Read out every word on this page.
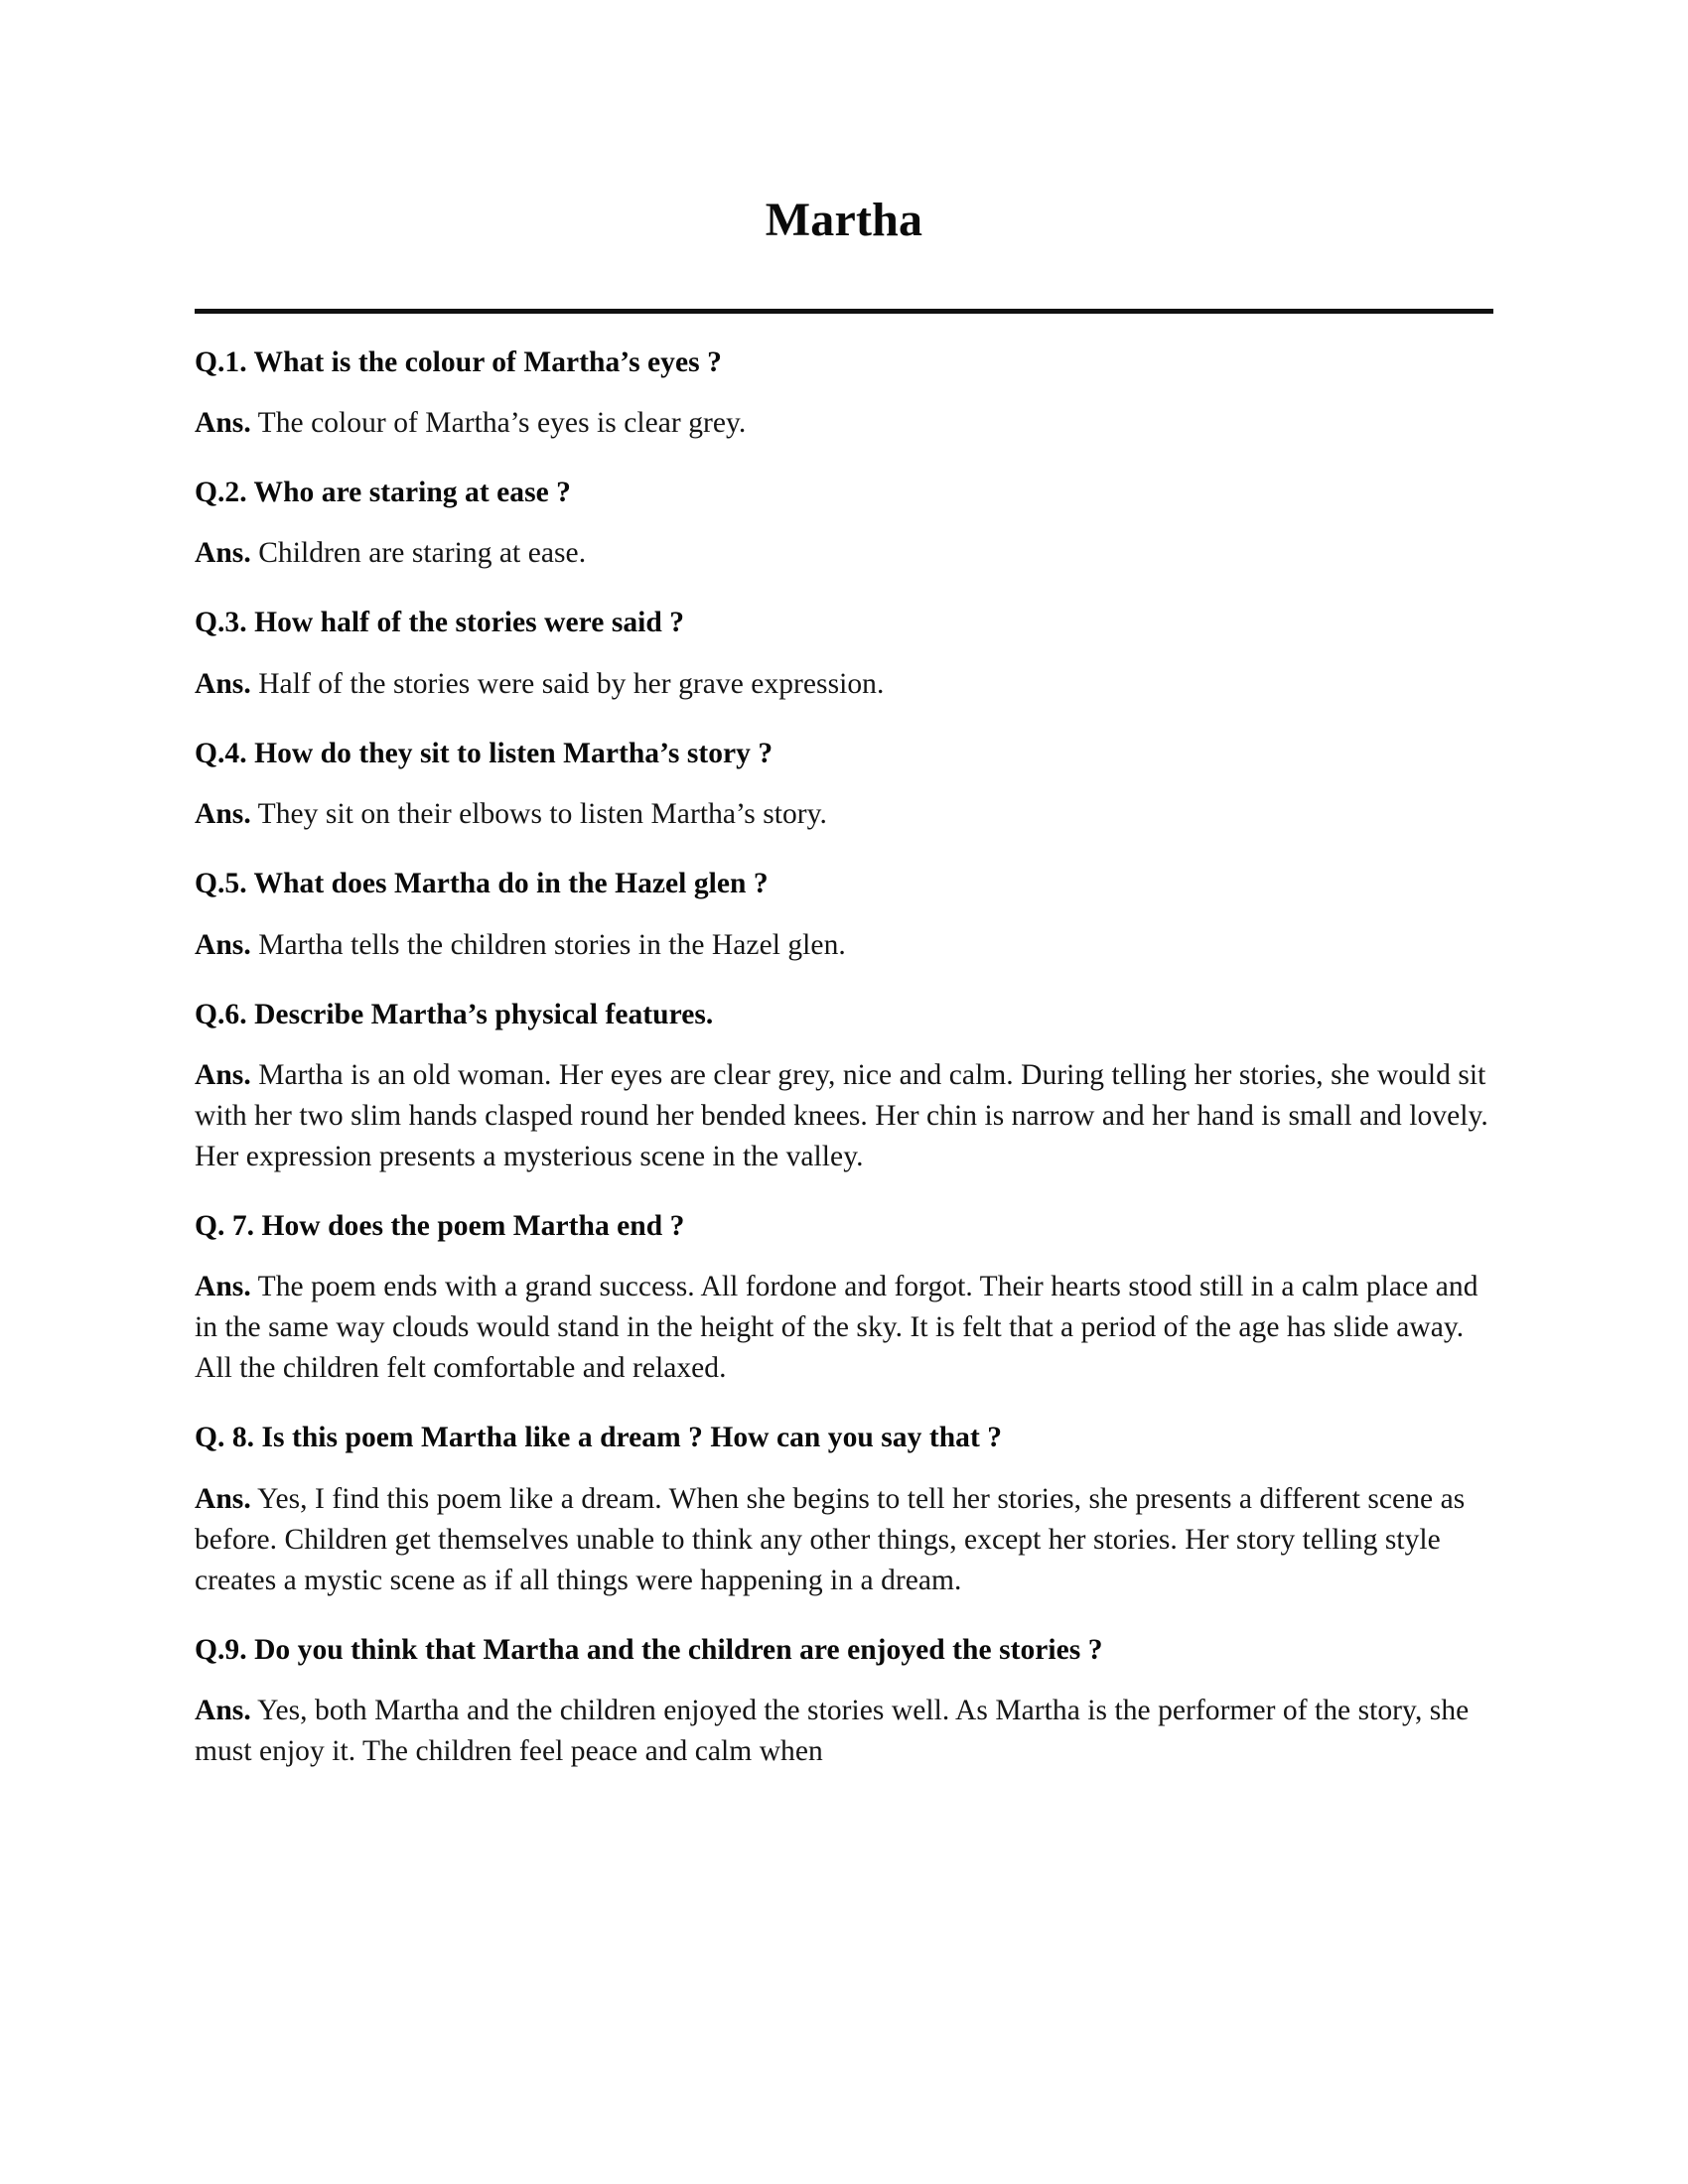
Martha

Q.1. What is the colour of Martha’s eyes ?

Ans. The colour of Martha’s eyes is clear grey.

Q.2. Who are staring at ease ?

Ans. Children are staring at ease.

Q.3. How half of the stories were said ?

Ans. Half of the stories were said by her grave expression.

Q.4. How do they sit to listen Martha’s story ?

Ans. They sit on their elbows to listen Martha’s story.

Q.5. What does Martha do in the Hazel glen ?

Ans. Martha tells the children stories in the Hazel glen.

Q.6. Describe Martha’s physical features.

Ans. Martha is an old woman. Her eyes are clear grey, nice and calm. During telling her stories, she would sit with her two slim hands clasped round her bended knees. Her chin is narrow and her hand is small and lovely. Her expression presents a mysterious scene in the valley.

Q. 7. How does the poem Martha end ?

Ans. The poem ends with a grand success. All fordone and forgot. Their hearts stood still in a calm place and in the same way clouds would stand in the height of the sky. It is felt that a period of the age has slide away. All the children felt comfortable and relaxed.

Q. 8. Is this poem Martha like a dream ? How can you say that ?

Ans. Yes, I find this poem like a dream. When she begins to tell her stories, she presents a different scene as before. Children get themselves unable to think any other things, except her stories. Her story telling style creates a mystic scene as if all things were happening in a dream.

Q.9. Do you think that Martha and the children are enjoyed the stories ?

Ans. Yes, both Martha and the children enjoyed the stories well. As Martha is the performer of the story, she must enjoy it. The children feel peace and calm when
